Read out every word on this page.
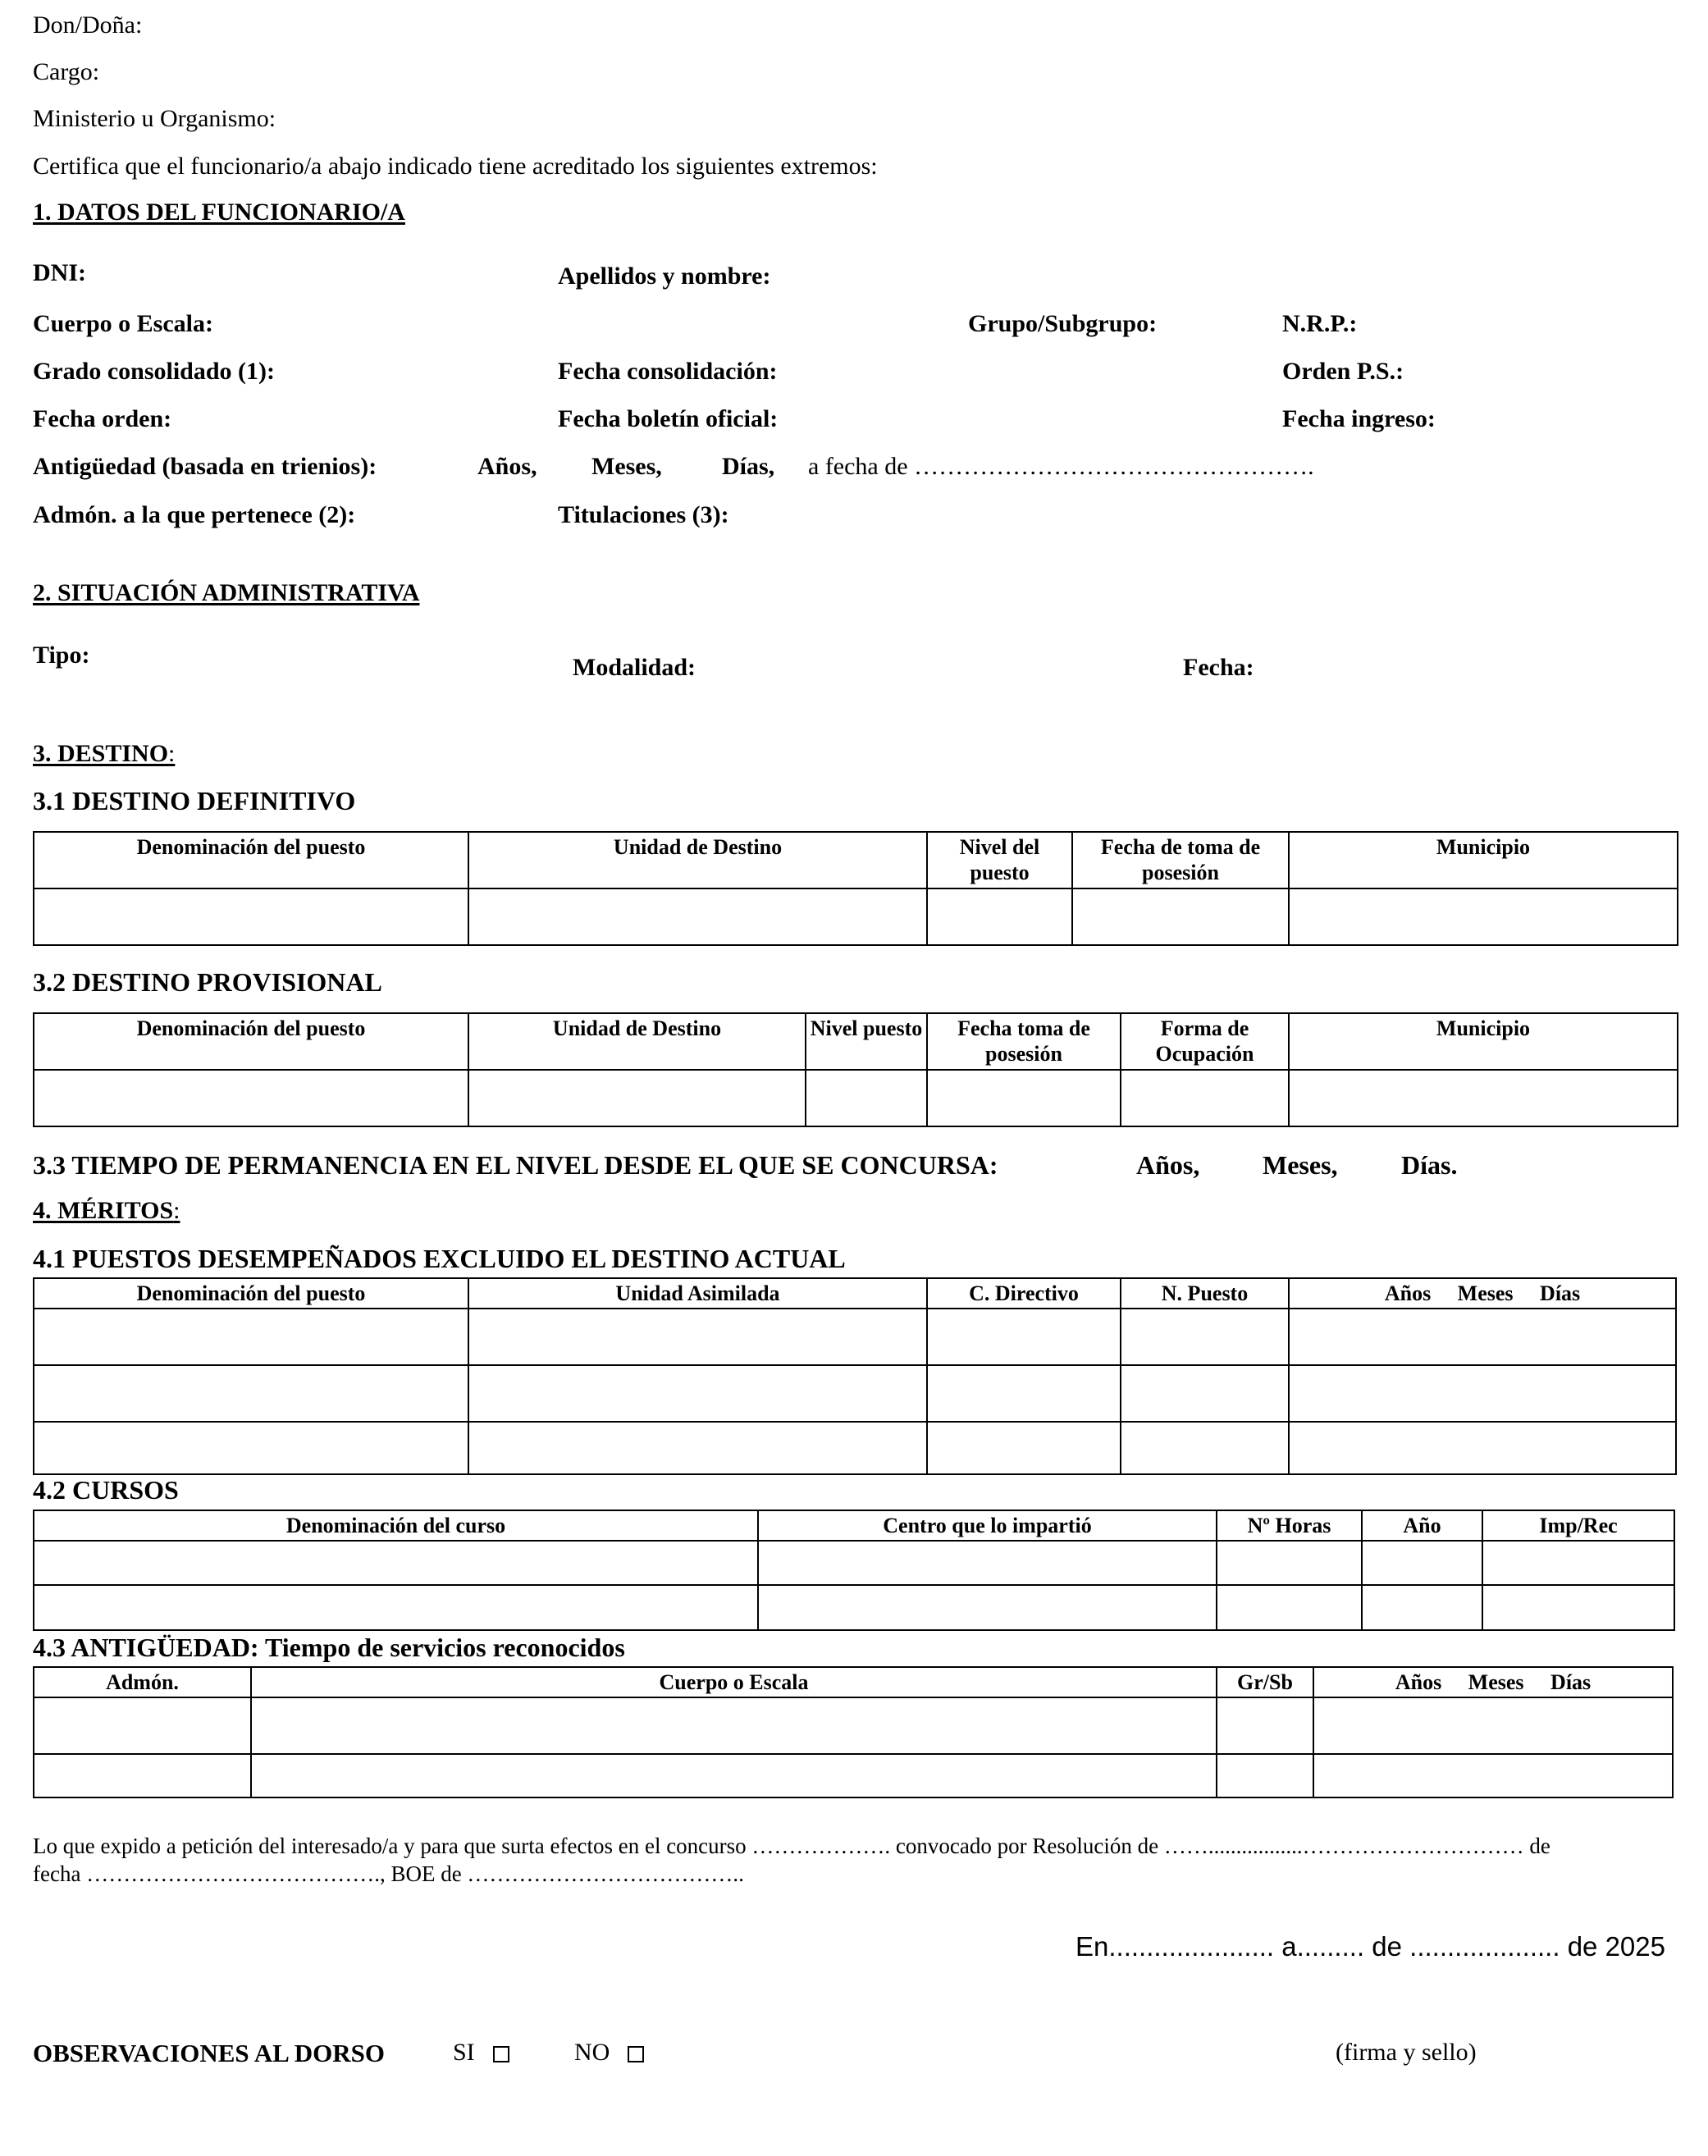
Don/Doña:
Cargo:
Ministerio u Organismo:
Certifica que el funcionario/a abajo indicado tiene acreditado los siguientes extremos:
1. DATOS DEL FUNCIONARIO/A
DNI:	Apellidos y nombre:
Cuerpo o Escala:	Grupo/Subgrupo:	N.R.P.:
Grado consolidado (1):	Fecha consolidación:	Orden P.S.:
Fecha orden:	Fecha boletín oficial:	Fecha ingreso:
Antigüedad (basada en trienios):	Años, Meses, Días, a fecha de ………………………………………….
Admón. a la que pertenece (2):	Titulaciones (3):
2. SITUACIÓN ADMINISTRATIVA
Tipo:	Modalidad:	Fecha:
3. DESTINO:
3.1 DESTINO DEFINITIVO
Denominación del puesto	Unidad de Destino	Nivel del puesto	Fecha de toma de posesión	Municipio

3.2 DESTINO PROVISIONAL
Denominación del puesto	Unidad de Destino	Nivel puesto	Fecha toma de posesión	Forma de Ocupación	Municipio

3.3 TIEMPO DE PERMANENCIA EN EL NIVEL DESDE EL QUE SE CONCURSA:	Años, Meses, Días.
4. MÉRITOS:
4.1 PUESTOS DESEMPEÑADOS EXCLUIDO EL DESTINO ACTUAL
Denominación del puesto	Unidad Asimilada	C. Directivo	N. Puesto	Años     Meses     Días

4.2 CURSOS
Denominación del curso	Centro que lo impartió	Nº Horas	Año	Imp/Rec

4.3 ANTIGÜEDAD: Tiempo de servicios reconocidos
Admón.	Cuerpo o Escala	Gr/Sb	Años     Meses     Días

Lo que expido a petición del interesado/a y para que surta efectos en el concurso ………………. convocado por Resolución de …….................………………………… de
fecha …………………………………., BOE de ………………………………..
En...................... a......... de .................... de 2025
OBSERVACIONES AL DORSO	SI	NO	(firma y sello)
